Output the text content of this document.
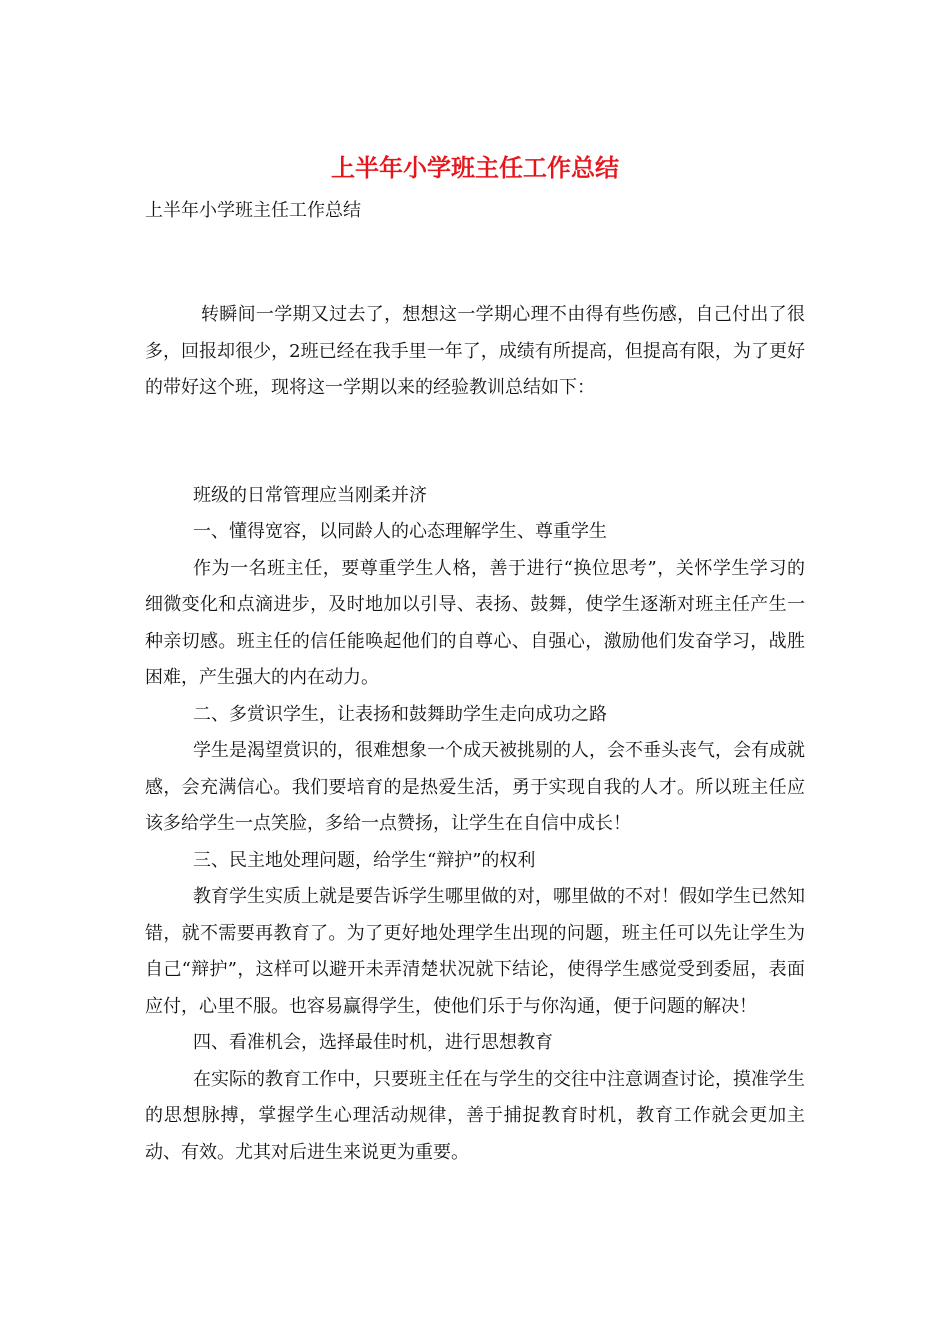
上半年小学班主任工作总结

上半年小学班主任工作总结

转瞬间一学期又过去了，想想这一学期心理不由得有些伤感，自己付出了很多，回报却很少，2班已经在我手里一年了，成绩有所提高，但提高有限，为了更好的带好这个班，现将这一学期以来的经验教训总结如下：

班级的日常管理应当刚柔并济

一、懂得宽容，以同龄人的心态理解学生、尊重学生

作为一名班主任，要尊重学生人格，善于进行“换位思考”，关怀学生学习的细微变化和点滴进步，及时地加以引导、表扬、鼓舞，使学生逐渐对班主任产生一种亲切感。班主任的信任能唤起他们的自尊心、自强心，激励他们发奋学习，战胜困难，产生强大的内在动力。

二、多赏识学生，让表扬和鼓舞助学生走向成功之路

学生是渴望赏识的，很难想象一个成天被挑剔的人，会不垂头丧气，会有成就感，会充满信心。我们要培育的是热爱生活，勇于实现自我的人才。所以班主任应该多给学生一点笑脸，多给一点赞扬，让学生在自信中成长！

三、民主地处理问题，给学生“辩护”的权利

教育学生实质上就是要告诉学生哪里做的对，哪里做的不对！假如学生已然知错，就不需要再教育了。为了更好地处理学生出现的问题，班主任可以先让学生为自己“辩护”，这样可以避开未弄清楚状况就下结论，使得学生感觉受到委屈，表面应付，心里不服。也容易赢得学生，使他们乐于与你沟通，便于问题的解决！

四、看准机会，选择最佳时机，进行思想教育

在实际的教育工作中，只要班主任在与学生的交往中注意调查讨论，摸准学生的思想脉搏，掌握学生心理活动规律，善于捕捉教育时机，教育工作就会更加主动、有效。尤其对后进生来说更为重要。
